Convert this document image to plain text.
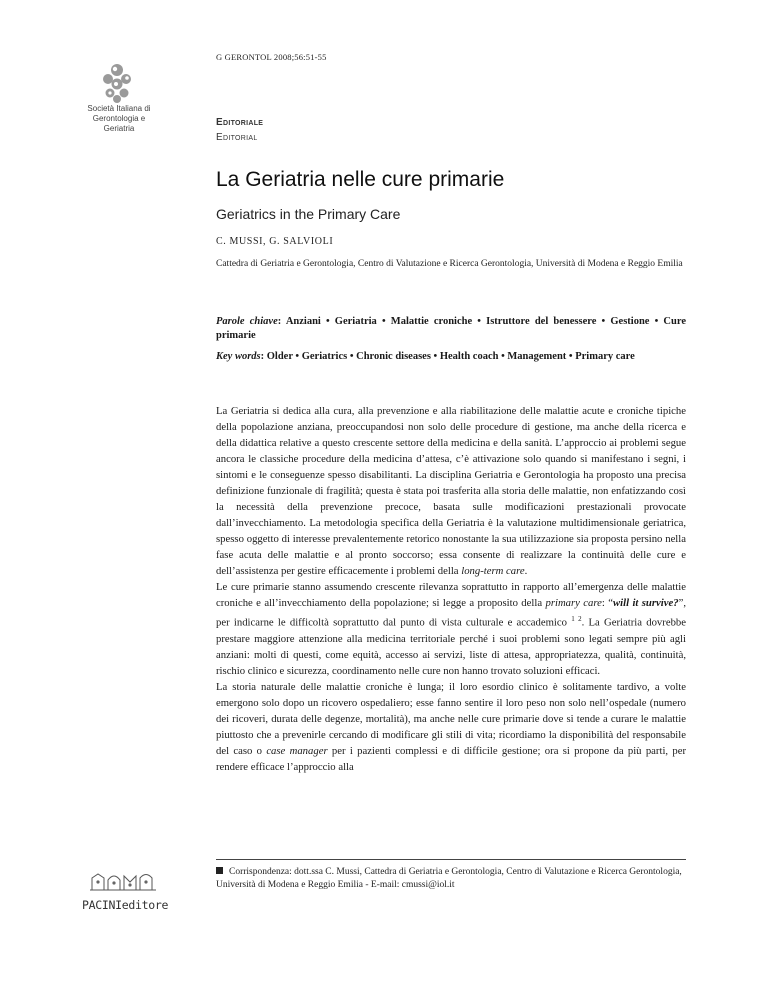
Società Italiana di Gerontologia e Geriatria
G GERONTOL 2008;56:51-55
Editoriale
Editorial
La Geriatria nelle cure primarie
Geriatrics in the Primary Care
C. MUSSI, G. SALVIOLI
Cattedra di Geriatria e Gerontologia, Centro di Valutazione e Ricerca Gerontologia, Università di Modena e Reggio Emilia
Parole chiave: Anziani • Geriatria • Malattie croniche • Istruttore del benessere • Gestione • Cure primarie
Key words: Older • Geriatrics • Chronic diseases • Health coach • Management • Primary care

La Geriatria si dedica alla cura, alla prevenzione e alla riabilitazione delle malattie acute e croniche tipiche della popolazione anziana, preoccupandosi non solo delle procedure di gestione, ma anche della ricerca e della didattica relative a questo crescente settore della medicina e della sanità. L’approccio ai problemi segue ancora le classiche procedure della medicina d’attesa, c’è attivazione solo quando si manifestano i segni, i sintomi e le conseguenze spesso disabilitanti. La disciplina Geriatria e Gerontologia ha proposto una precisa definizione funzionale di fragilità; questa è stata poi trasferita alla storia delle malattie, non enfatizzando così la necessità della prevenzione precoce, basata sulle modificazioni prestazionali provocate dall’invecchiamento. La metodologia specifica della Geriatria è la valutazione multidimensionale geriatrica, spesso oggetto di interesse prevalentemente retorico nonostante la sua utilizzazione sia proposta persino nella fase acuta delle malattie e al pronto soccorso; essa consente di realizzare la continuità delle cure e dell’assistenza per gestire efficacemente i problemi della long-term care.

Le cure primarie stanno assumendo crescente rilevanza soprattutto in rapporto all’emergenza delle malattie croniche e all’invecchiamento della popolazione; si legge a proposito della primary care: “will it survive?”, per indicarne le difficoltà soprattutto dal punto di vista culturale e accademico $^{1 2}$. La Geriatria dovrebbe prestare maggiore attenzione alla medicina territoriale perché i suoi problemi sono legati sempre più agli anziani: molti di questi, come equità, accesso ai servizi, liste di attesa, appropriatezza, qualità, continuità, rischio clinico e sicurezza, coordinamento nelle cure non hanno trovato soluzioni efficaci.

La storia naturale delle malattie croniche è lunga; il loro esordio clinico è solitamente tardivo, a volte emergono solo dopo un ricovero ospedaliero; esse fanno sentire il loro peso non solo nell’ospedale (numero dei ricoveri, durata delle degenze, mortalità), ma anche nelle cure primarie dove si tende a curare le malattie piuttosto che a prevenirle cercando di modificare gli stili di vita; ricordiamo la disponibilità del responsabile del caso o case manager per i pazienti complessi e di difficile gestione; ora si propone da più parti, per rendere efficace l’approccio alla

Corrispondenza: dott.ssa C. Mussi, Cattedra di Geriatria e Gerontologia, Centro di Valutazione e Ricerca Gerontologia, Università di Modena e Reggio Emilia - E-mail: cmussi@iol.it
PACINIeditore
